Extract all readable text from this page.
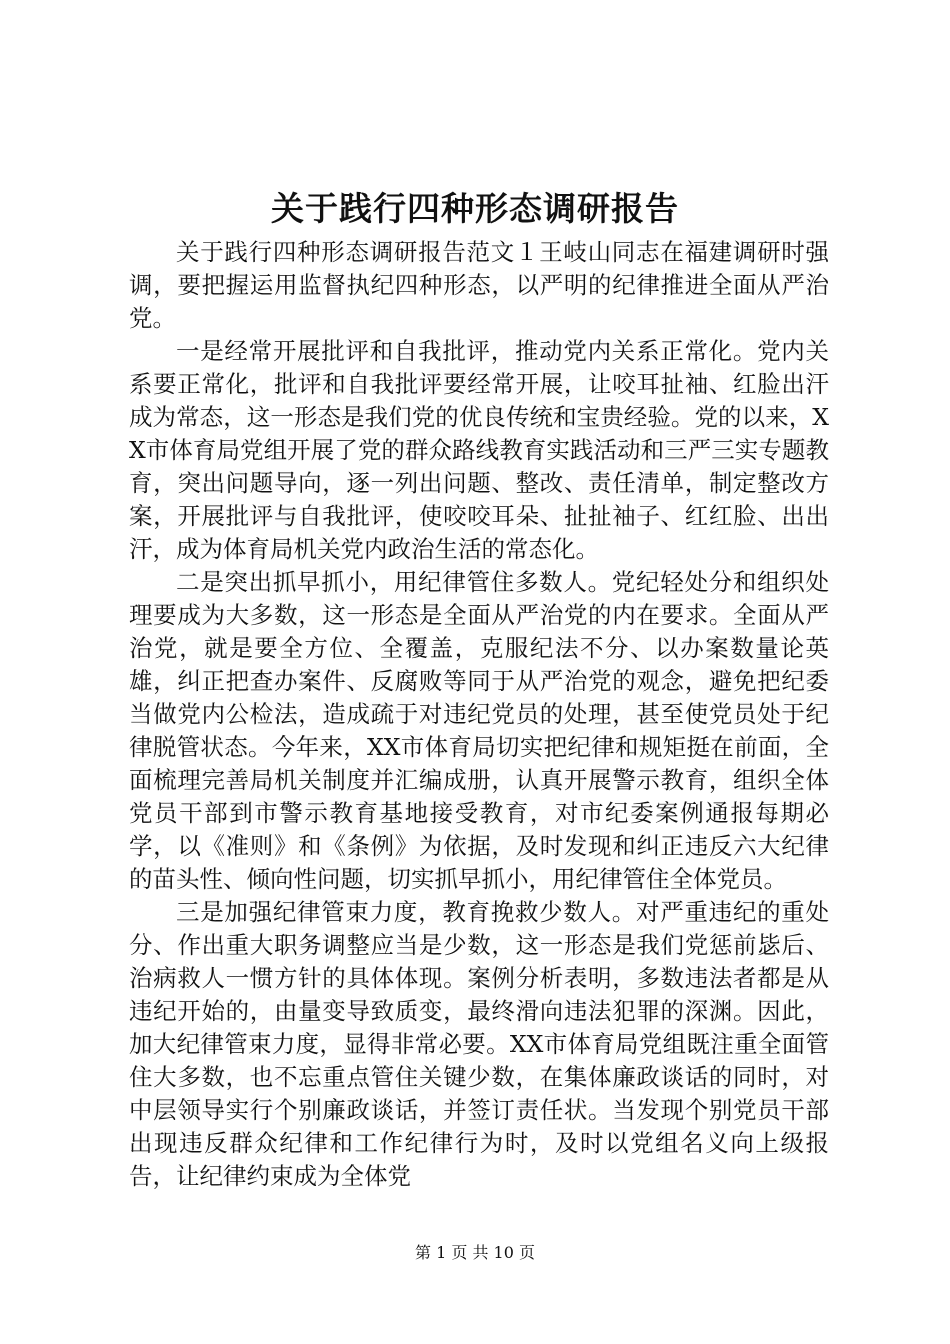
关于践行四种形态调研报告

关于践行四种形态调研报告范文１王岐山同志在福建调研时强调，要把握运用监督执纪四种形态，以严明的纪律推进全面从严治党。

一是经常开展批评和自我批评，推动党内关系正常化。党内关系要正常化，批评和自我批评要经常开展，让咬耳扯袖、红脸出汗成为常态，这一形态是我们党的优良传统和宝贵经验。党的以来，XX市体育局党组开展了党的群众路线教育实践活动和三严三实专题教育，突出问题导向，逐一列出问题、整改、责任清单，制定整改方案，开展批评与自我批评，使咬咬耳朵、扯扯袖子、红红脸、出出汗，成为体育局机关党内政治生活的常态化。

二是突出抓早抓小，用纪律管住多数人。党纪轻处分和组织处理要成为大多数，这一形态是全面从严治党的内在要求。全面从严治党，就是要全方位、全覆盖，克服纪法不分、以办案数量论英雄，纠正把查办案件、反腐败等同于从严治党的观念，避免把纪委当做党内公检法，造成疏于对违纪党员的处理，甚至使党员处于纪律脱管状态。今年来，XX市体育局切实把纪律和规矩挺在前面，全面梳理完善局机关制度并汇编成册，认真开展警示教育，组织全体党员干部到市警示教育基地接受教育，对市纪委案例通报每期必学，以《准则》和《条例》为依据，及时发现和纠正违反六大纪律的苗头性、倾向性问题，切实抓早抓小，用纪律管住全体党员。

三是加强纪律管束力度，教育挽救少数人。对严重违纪的重处分、作出重大职务调整应当是少数，这一形态是我们党惩前毖后、治病救人一惯方针的具体体现。案例分析表明，多数违法者都是从违纪开始的，由量变导致质变，最终滑向违法犯罪的深渊。因此，加大纪律管束力度，显得非常必要。XX市体育局党组既注重全面管住大多数，也不忘重点管住关键少数，在集体廉政谈话的同时，对中层领导实行个别廉政谈话，并签订责任状。当发现个别党员干部出现违反群众纪律和工作纪律行为时，及时以党组名义向上级报告，让纪律约束成为全体党

第 1 页 共 10 页
